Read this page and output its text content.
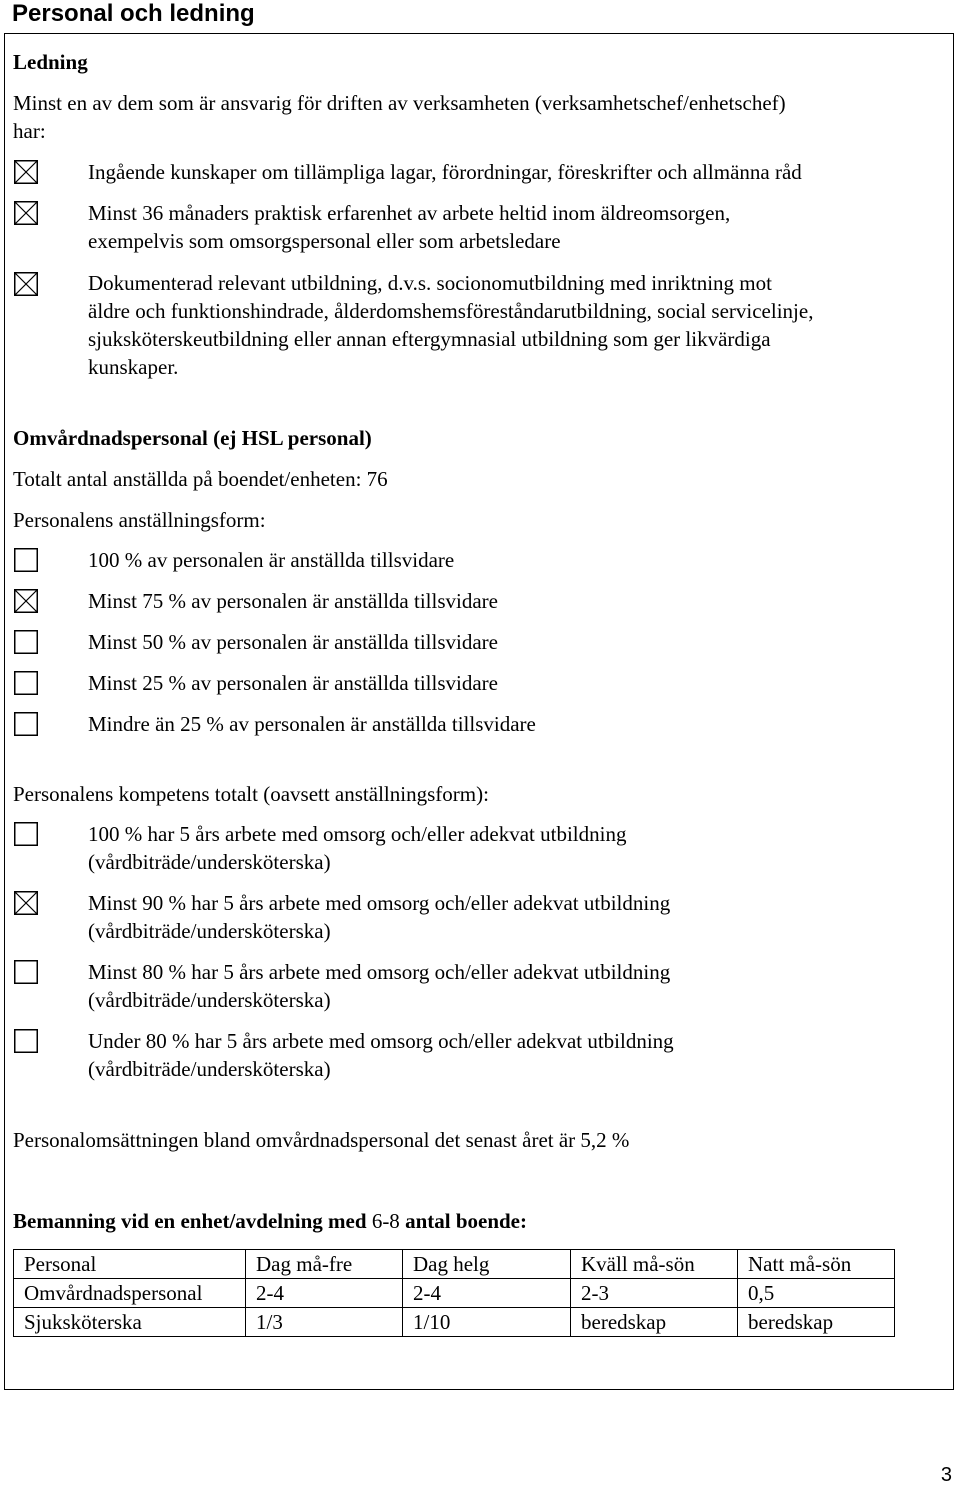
Personal och ledning
Ledning
Minst en av dem som är ansvarig för driften av verksamheten (verksamhetschef/enhetschef)
har:
Ingående kunskaper om tillämpliga lagar, förordningar, föreskrifter och allmänna råd
Minst 36 månaders praktisk erfarenhet av arbete heltid inom äldreomsorgen,
exempelvis som omsorgspersonal eller som arbetsledare
Dokumenterad relevant utbildning, d.v.s. socionomutbildning med inriktning mot
äldre och funktionshindrade, ålderdomshemsföreståndarutbildning, social servicelinje,
sjuksköterskeutbildning eller annan eftergymnasial utbildning som ger likvärdiga
kunskaper.
Omvårdnadspersonal (ej HSL personal)
Totalt antal anställda på boendet/enheten: 76
Personalens anställningsform:
100 % av personalen är anställda tillsvidare
Minst 75 % av personalen är anställda tillsvidare
Minst 50 % av personalen är anställda tillsvidare
Minst 25 % av personalen är anställda tillsvidare
Mindre än 25 % av personalen är anställda tillsvidare
Personalens kompetens totalt (oavsett anställningsform):
100 % har 5 års arbete med omsorg och/eller adekvat utbildning
(vårdbiträde/undersköterska)
Minst 90 % har 5 års arbete med omsorg och/eller adekvat utbildning
(vårdbiträde/undersköterska)
Minst 80 % har 5 års arbete med omsorg och/eller adekvat utbildning
(vårdbiträde/undersköterska)
Under 80 % har 5 års arbete med omsorg och/eller adekvat utbildning
(vårdbiträde/undersköterska)
Personalomsättningen bland omvårdnadspersonal det senast året är 5,2 %
Bemanning vid en enhet/avdelning med 6-8 antal boende:
Personal	Dag må-fre	Dag helg	Kväll må-sön	Natt må-sön
Omvårdnadspersonal	2-4	2-4	2-3	0,5
Sjuksköterska	1/3	1/10	beredskap	beredskap
3
